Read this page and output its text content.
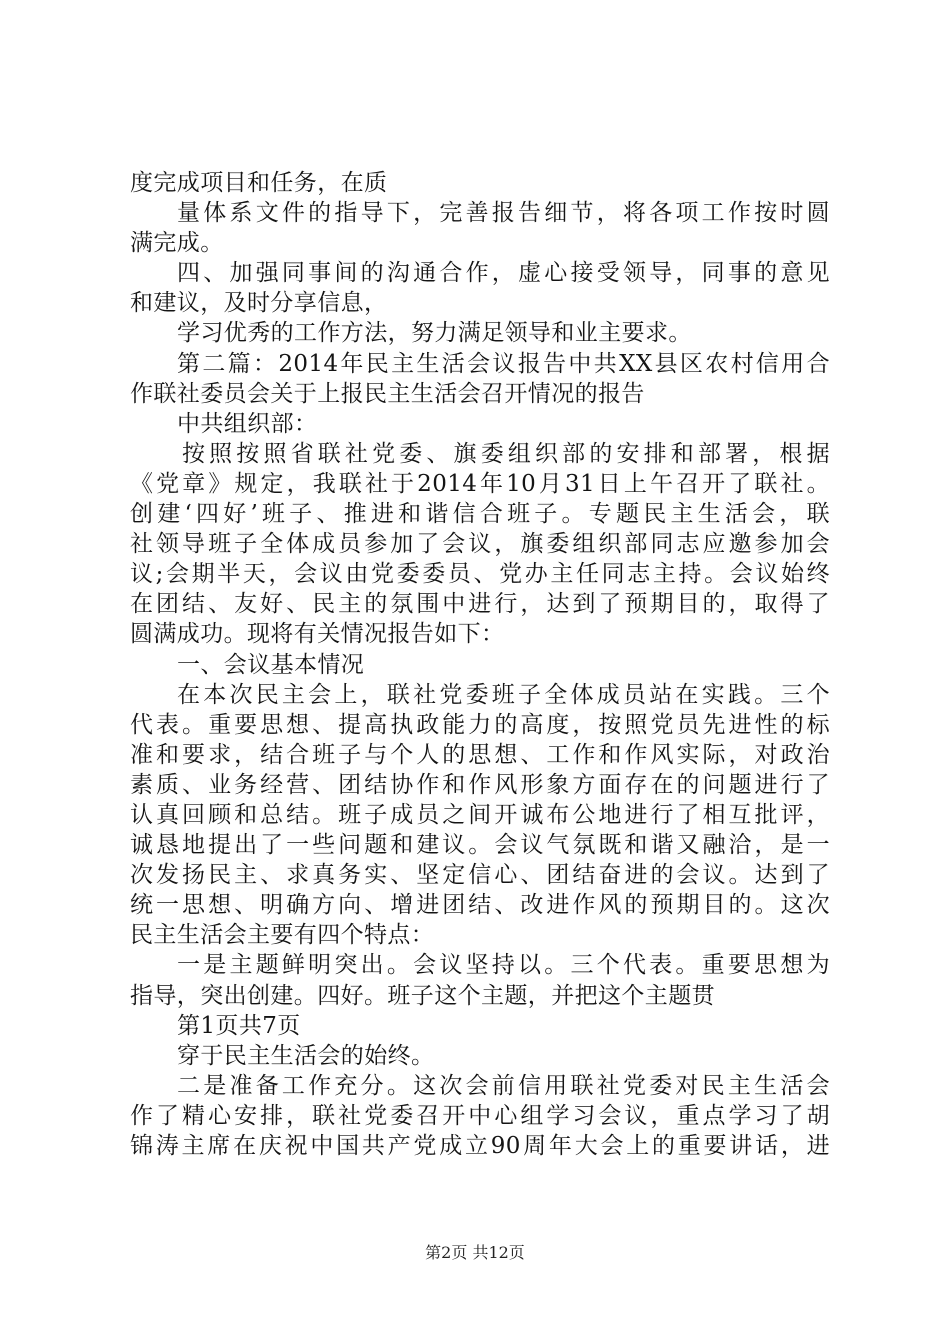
度完成项目和任务，在质
量体系文件的指导下，完善报告细节，将各项工作按时圆
满完成。
四、加强同事间的沟通合作，虚心接受领导，同事的意见
和建议，及时分享信息，
学习优秀的工作方法，努力满足领导和业主要求。
第二篇：2014年民主生活会议报告中共XX县区农村信用合
作联社委员会关于上报民主生活会召开情况的报告
中共组织部：
按照按照省联社党委、旗委组织部的安排和部署，根据
《党章》规定，我联社于2014年10月31日上午召开了联社。
创建‘四好’班子、推进和谐信合班子。专题民主生活会，联
社领导班子全体成员参加了会议，旗委组织部同志应邀参加会
议;会期半天，会议由党委委员、党办主任同志主持。会议始终
在团结、友好、民主的氛围中进行，达到了预期目的，取得了
圆满成功。现将有关情况报告如下：
一、会议基本情况
在本次民主会上，联社党委班子全体成员站在实践。三个
代表。重要思想、提高执政能力的高度，按照党员先进性的标
准和要求，结合班子与个人的思想、工作和作风实际，对政治
素质、业务经营、团结协作和作风形象方面存在的问题进行了
认真回顾和总结。班子成员之间开诚布公地进行了相互批评，
诚恳地提出了一些问题和建议。会议气氛既和谐又融洽，是一
次发扬民主、求真务实、坚定信心、团结奋进的会议。达到了
统一思想、明确方向、增进团结、改进作风的预期目的。这次
民主生活会主要有四个特点：
一是主题鲜明突出。会议坚持以。三个代表。重要思想为
指导，突出创建。四好。班子这个主题，并把这个主题贯
第1页共7页
穿于民主生活会的始终。
二是准备工作充分。这次会前信用联社党委对民主生活会
作了精心安排，联社党委召开中心组学习会议，重点学习了胡
锦涛主席在庆祝中国共产党成立90周年大会上的重要讲话，进
第2页 共12页
